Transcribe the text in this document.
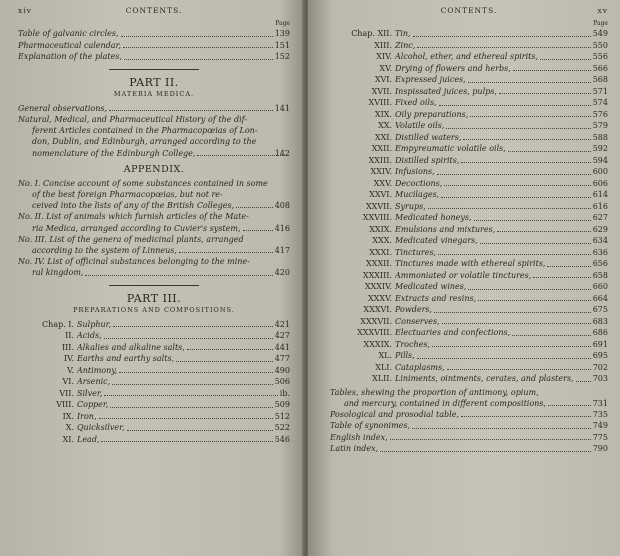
xiv	CONTENTS.
Page
Table of galvanic circles,	139
Pharmaceutical calendar,	151
Explanation of the plates,	152
PART II.
MATERIA MEDICA.
General observations,	141
Natural, Medical, and Pharmaceutical History of the dif-
ferent Articles contained in the Pharmacopœias of Lon-
don, Dublin, and Edinburgh, arranged according to the
nomenclature of the Edinburgh College,	142
APPENDIX.
No. I. Concise account of some substances contained in some
of the best foreign Pharmacopœias, but not re-
ceived into the lists of any of the British Colleges,	408
No. II. List of animals which furnish articles of the Mate-
ria Medica, arranged according to Cuvier's system,	416
No. III. List of the genera of medicinal plants, arranged
according to the system of Linneus,	417
No. IV. List of officinal substances belonging to the mine-
ral kingdom,	420
PART III.
PREPARATIONS AND COMPOSITIONS.
Chap. I. Sulphur,	421
II. Acids,	427
III. Alkalies and alkaline salts,	441
IV. Earths and earthy salts,	477
V. Antimony,	490
VI. Arsenic,	506
VII. Silver,	ib.
VIII. Copper,	509
IX. Iron,	512
X. Quicksilver,	522
XI. Lead,	546
CONTENTS.	xv
Page
Chap. XII. Tin,	549
XIII. Zinc,	550
XIV. Alcohol, ether, and ethereal spirits,	556
XV. Drying of flowers and herbs,	566
XVI. Expressed juices,	568
XVII. Inspissated juices, pulps,	571
XVIII. Fixed oils,	574
XIX. Oily preparations,	576
XX. Volatile oils,	579
XXI. Distilled waters,	588
XXII. Empyreumatic volatile oils,	592
XXIII. Distilled spirits,	594
XXIV. Infusions,	600
XXV. Decoctions,	606
XXVI. Mucilages,	614
XXVII. Syrups,	616
XXVIII. Medicated honeys,	627
XXIX. Emulsions and mixtures,	629
XXX. Medicated vinegars,	634
XXXI. Tinctures,	636
XXXII. Tinctures made with ethereal spirits,	656
XXXIII. Ammoniated or volatile tinctures,	658
XXXIV. Medicated wines,	660
XXXV. Extracts and resins,	664
XXXVI. Powders,	675
XXXVII. Conserves,	683
XXXVIII. Electuaries and confections,	686
XXXIX. Troches,	691
XL. Pills,	695
XLI. Cataplasms,	702
XLII. Liniments, ointments, cerates, and plasters, 703
Tables, shewing the proportion of antimony, opium,
and mercury, contained in different compositions,	731
Posological and prosodial table,	735
Table of synonimes,	749
English index,	775
Latin index,	790
